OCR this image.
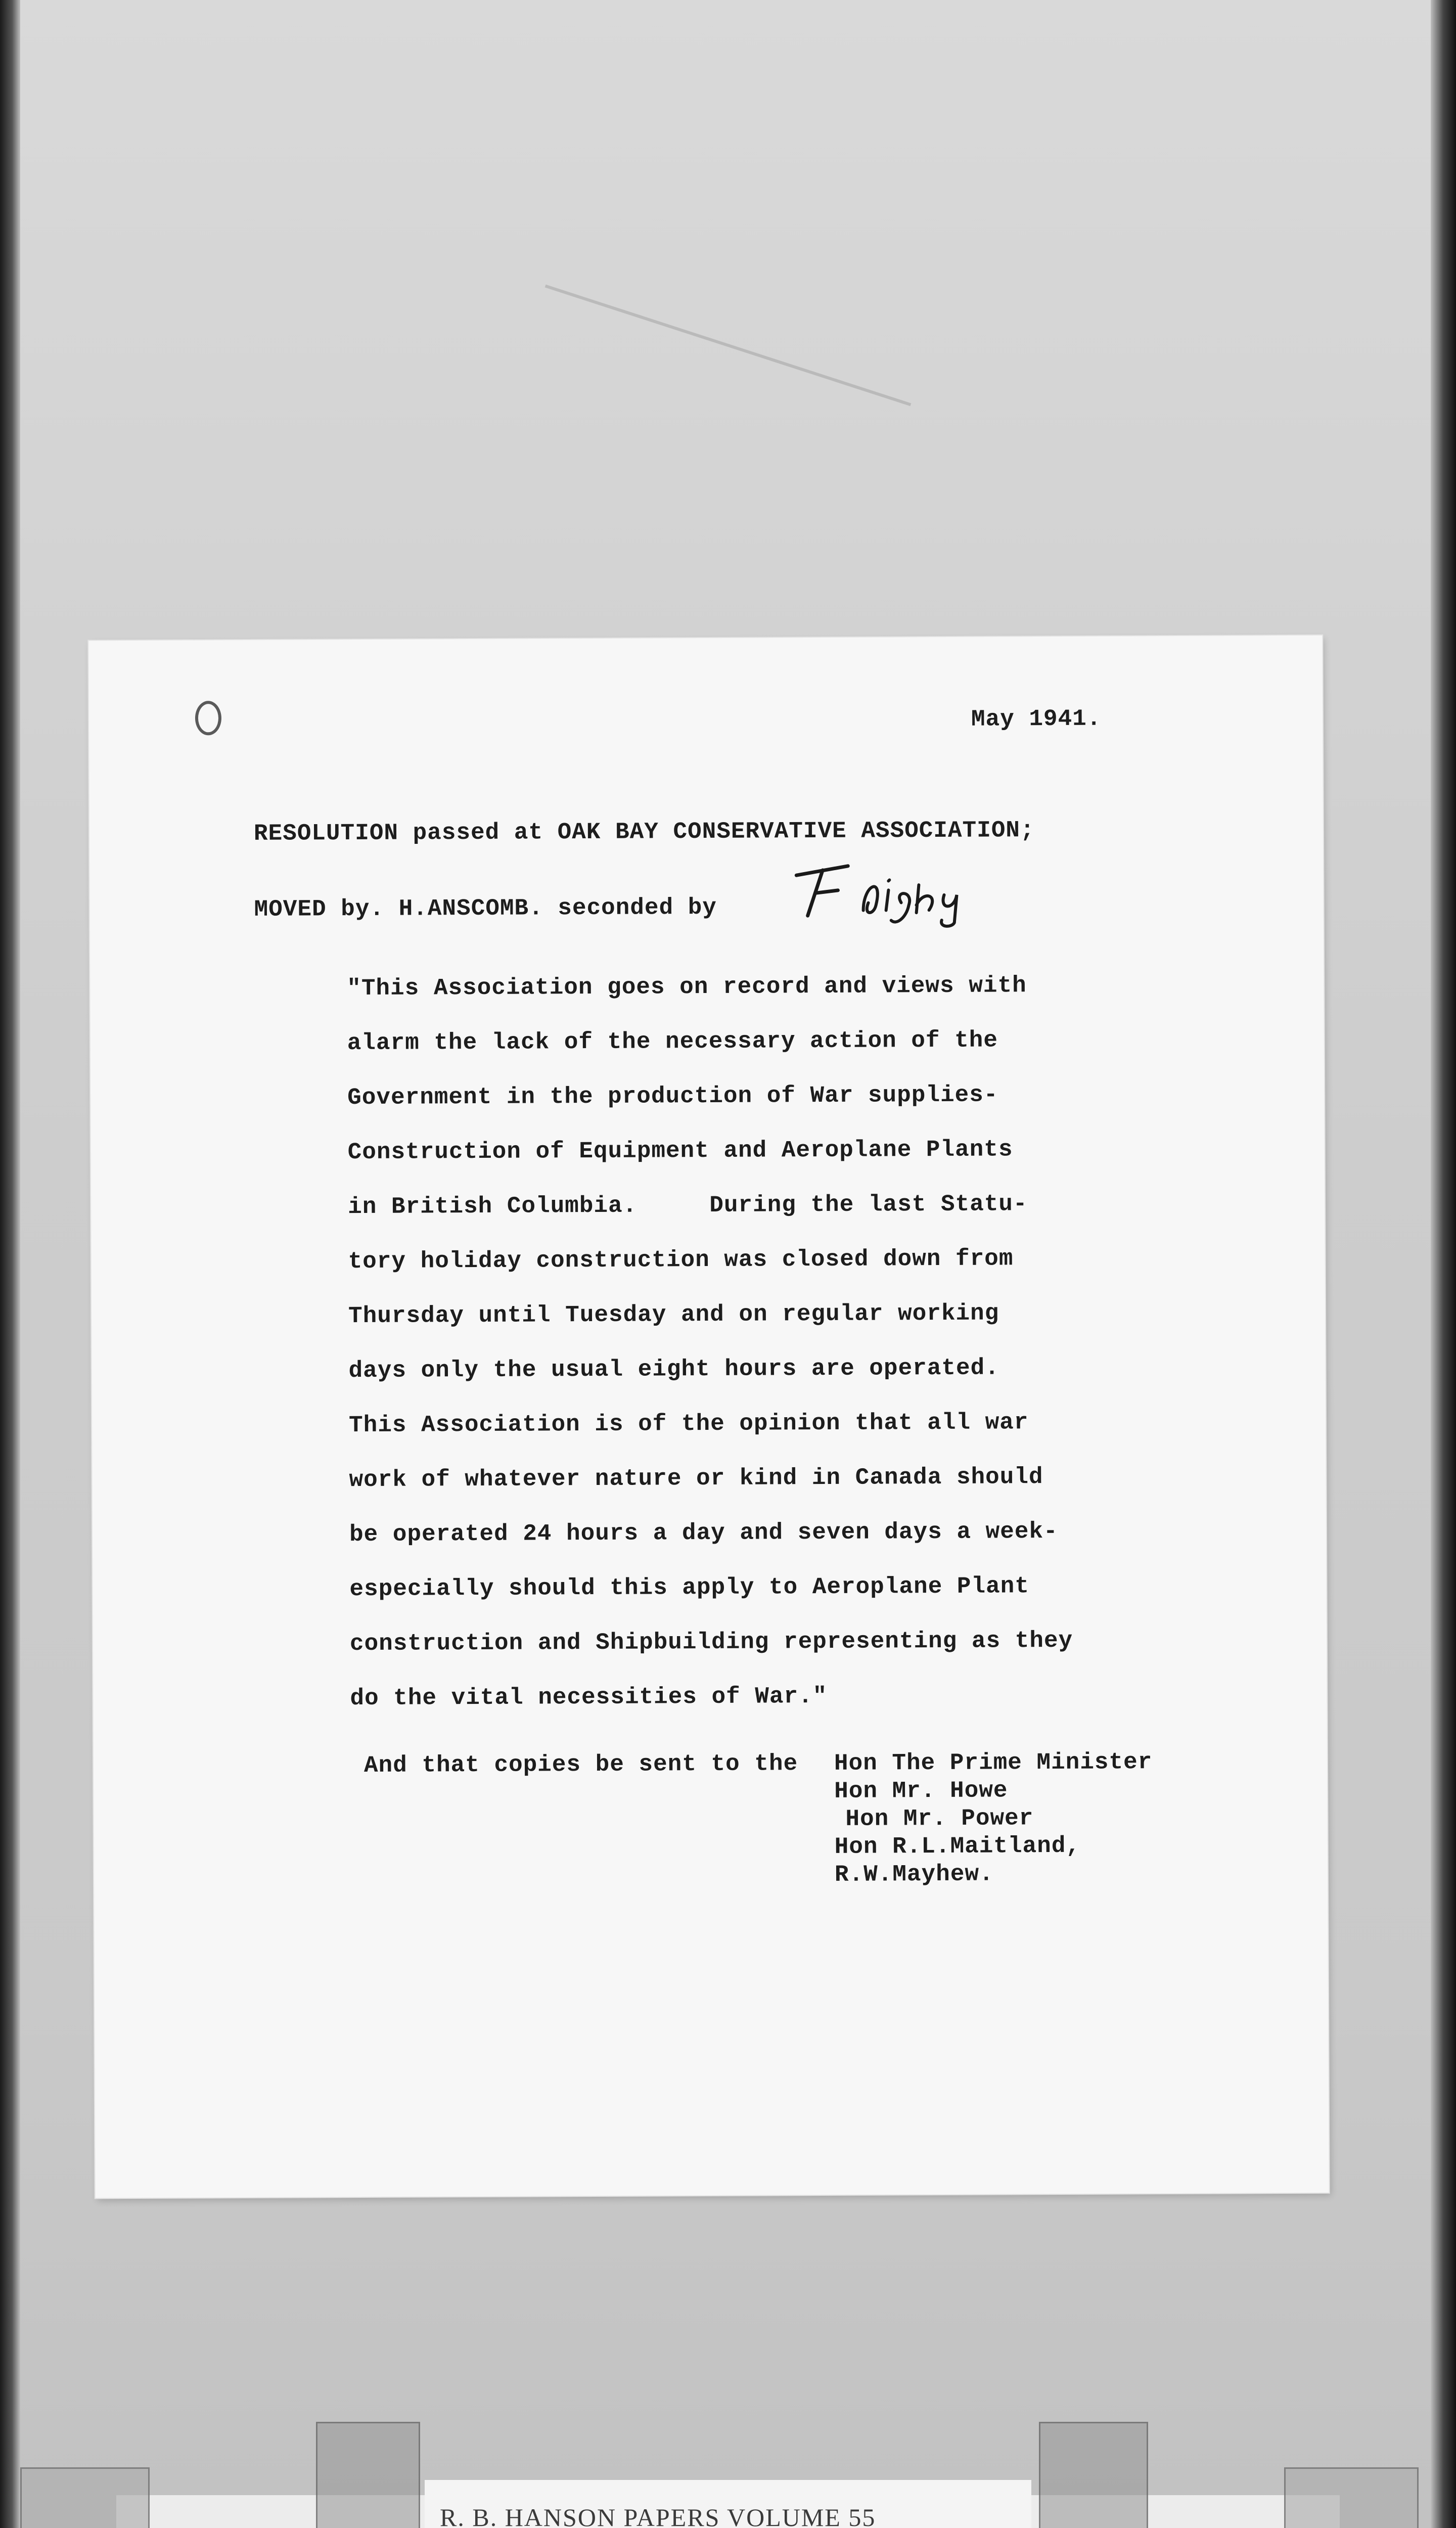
May 1941.
RESOLUTION passed at OAK BAY CONSERVATIVE ASSOCIATION;
MOVED by. H.ANSCOMB. seconded by
"This Association goes on record and views with
alarm the lack of the necessary action of the
Government in the production of War supplies-
Construction of Equipment and Aeroplane Plants
in British Columbia.     During the last Statu-
tory holiday construction was closed down from
Thursday until Tuesday and on regular working
days only the usual eight hours are operated.
This Association is of the opinion that all war
work of whatever nature or kind in Canada should
be operated 24 hours a day and seven days a week-
especially should this apply to Aeroplane Plant
construction and Shipbuilding representing as they
do the vital necessities of War."
And that copies be sent to the Hon The Prime Minister
Hon Mr. Howe
Hon Mr. Power
Hon R.L.Maitland,
R.W.Mayhew.
R. B. HANSON PAPERS VOLUME 55
